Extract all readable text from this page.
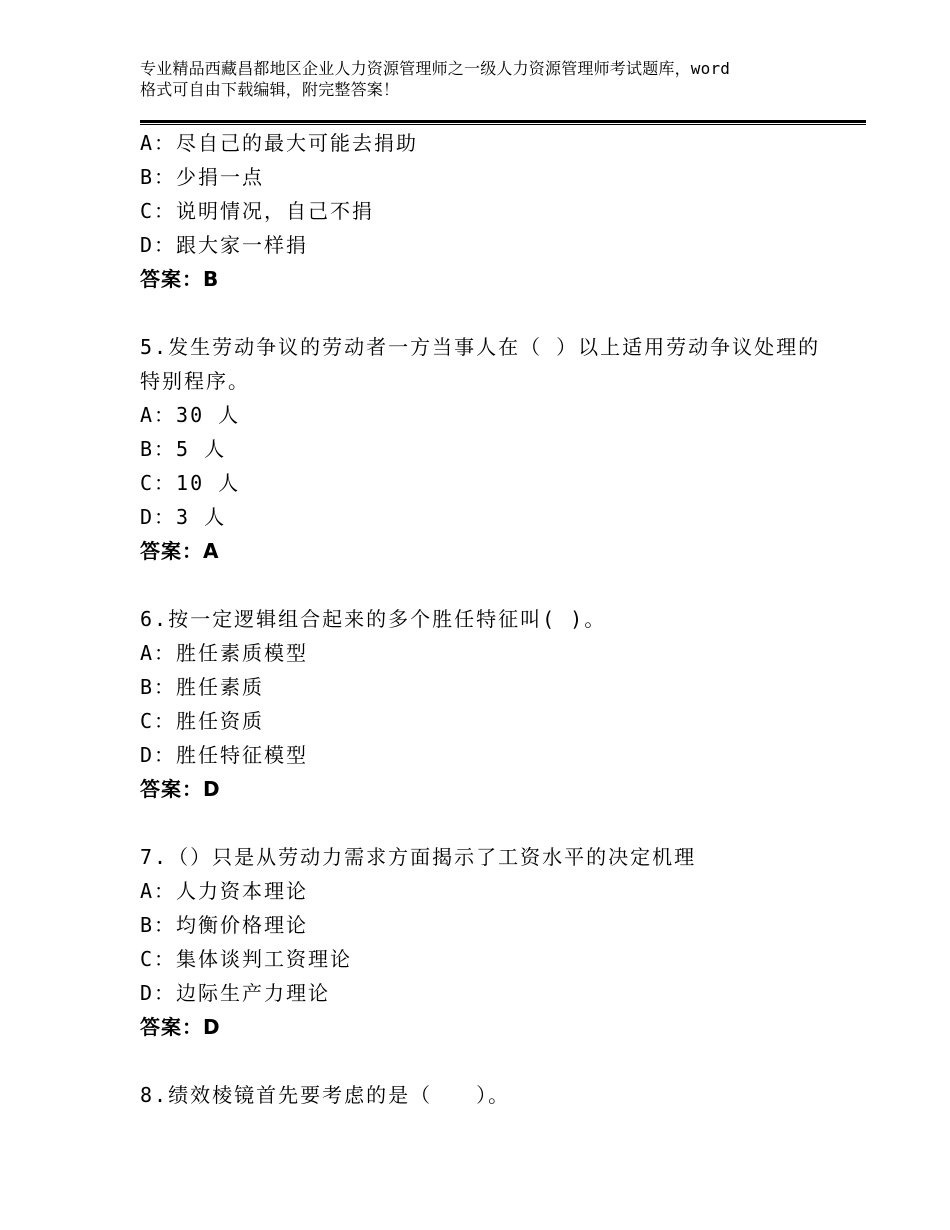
专业精品西藏昌都地区企业人力资源管理师之一级人力资源管理师考试题库，word
格式可自由下载编辑，附完整答案！
A：尽自己的最大可能去捐助
B：少捐一点
C：说明情况，自己不捐
D：跟大家一样捐
答案：B
5.发生劳动争议的劳动者一方当事人在（ ）以上适用劳动争议处理的
特别程序。
A：30 人
B：5 人
C：10 人
D：3 人
答案：A
6.按一定逻辑组合起来的多个胜任特征叫( )。
A：胜任素质模型
B：胜任素质
C：胜任资质
D：胜任特征模型
答案：D
7.（）只是从劳动力需求方面揭示了工资水平的决定机理
A：人力资本理论
B：均衡价格理论
C：集体谈判工资理论
D：边际生产力理论
答案：D
8.绩效棱镜首先要考虑的是（　　）。
